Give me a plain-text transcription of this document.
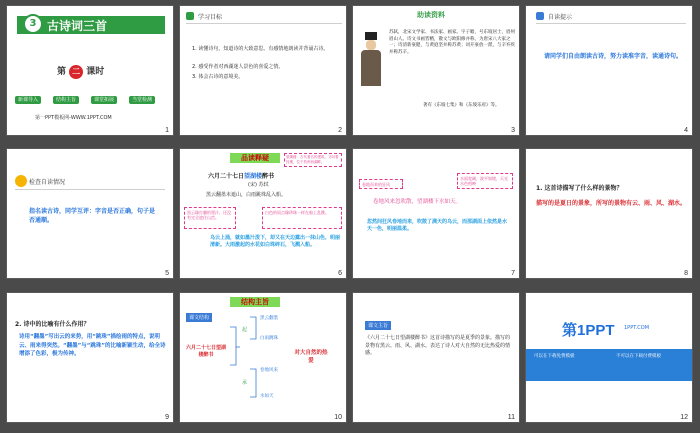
3 古诗词三首
第 二 课时
新课导入	结构主旨	课堂拓展	当堂检测
第一PPT模板网-WWW.1PPT.COM
1
学习目标
1. 读懂诗句，知道诗的大致意思。有感情地朗读并背诵古诗。
2. 感受作者对西湖迷人景色的喜爱之情。
3. 体会古诗的意境美。
2
助读资料
苏轼，北宋文学家、书法家、画家。字子瞻，号东坡居士，眉州眉山人。诗文书画皆精，散文与欧阳修并称，为唐宋八大家之一；诗清新豪健，与黄庭坚并称苏黄；词开豪放一派，与辛弃疾并称苏辛。
著有《东坡七集》和《东坡乐府》等。
3
自读提示
请同学们自由朗读古诗，努力读准字音，读通诗句。
4
检查自读情况
指名读古诗，同学互评：字音是否正确，句子是否通顺。
5
品读释疑	望湖楼：古代著名的建筑，又叫看经楼，位于杭州西湖畔。
六月二十七日望湖楼醉书
(宋) 苏轼
黑云翻墨未遮山，白雨跳珠乱入船。
黑云像打翻的墨汁，还没有完全遮住山峦。
白色的雨点像珍珠一样在船上乱跳。
乌云上涌，就如墨汁泼下，却又在天边露出一抹山色，明丽清新。大雨激起的水花如白珠碎石，飞溅入船。
6
卷地而来的狂风
水面宽阔，波平如镜，天光水色相映
卷地风来忽吹散，望湖楼下水如天。
忽然间狂风卷地而来，吹散了满天的乌云，而那湖面上依然是水天一色，明丽温柔。
7
1. 这首诗描写了什么样的景物？
描写的是夏日的景象，所写的景物有云、雨、风、湖水。
8
2. 诗中的比喻有什么作用？
诗用“翻墨”写出云的来势，用“跳珠”描绘雨的特点，说明云、雨来得突然。“翻墨”与“跳珠”的比喻新颖生动，给全诗增添了色彩，极为传神。
9
结构主旨
课文结构
六月二十七日望湖楼醉书
起
承
黑云翻墨
白雨跳珠
卷地风来
水如天
对大自然的热爱
10
课文主旨
《六月二十七日望湖楼醉书》这首诗描写的是夏季的景象。描写的景物有黑云、雨、风、湖水。表达了诗人对大自然的无比热爱的情感。
11
第1PPT 1PPT.COM
可以在下载免费模板	不可以在下载付费模板
12
